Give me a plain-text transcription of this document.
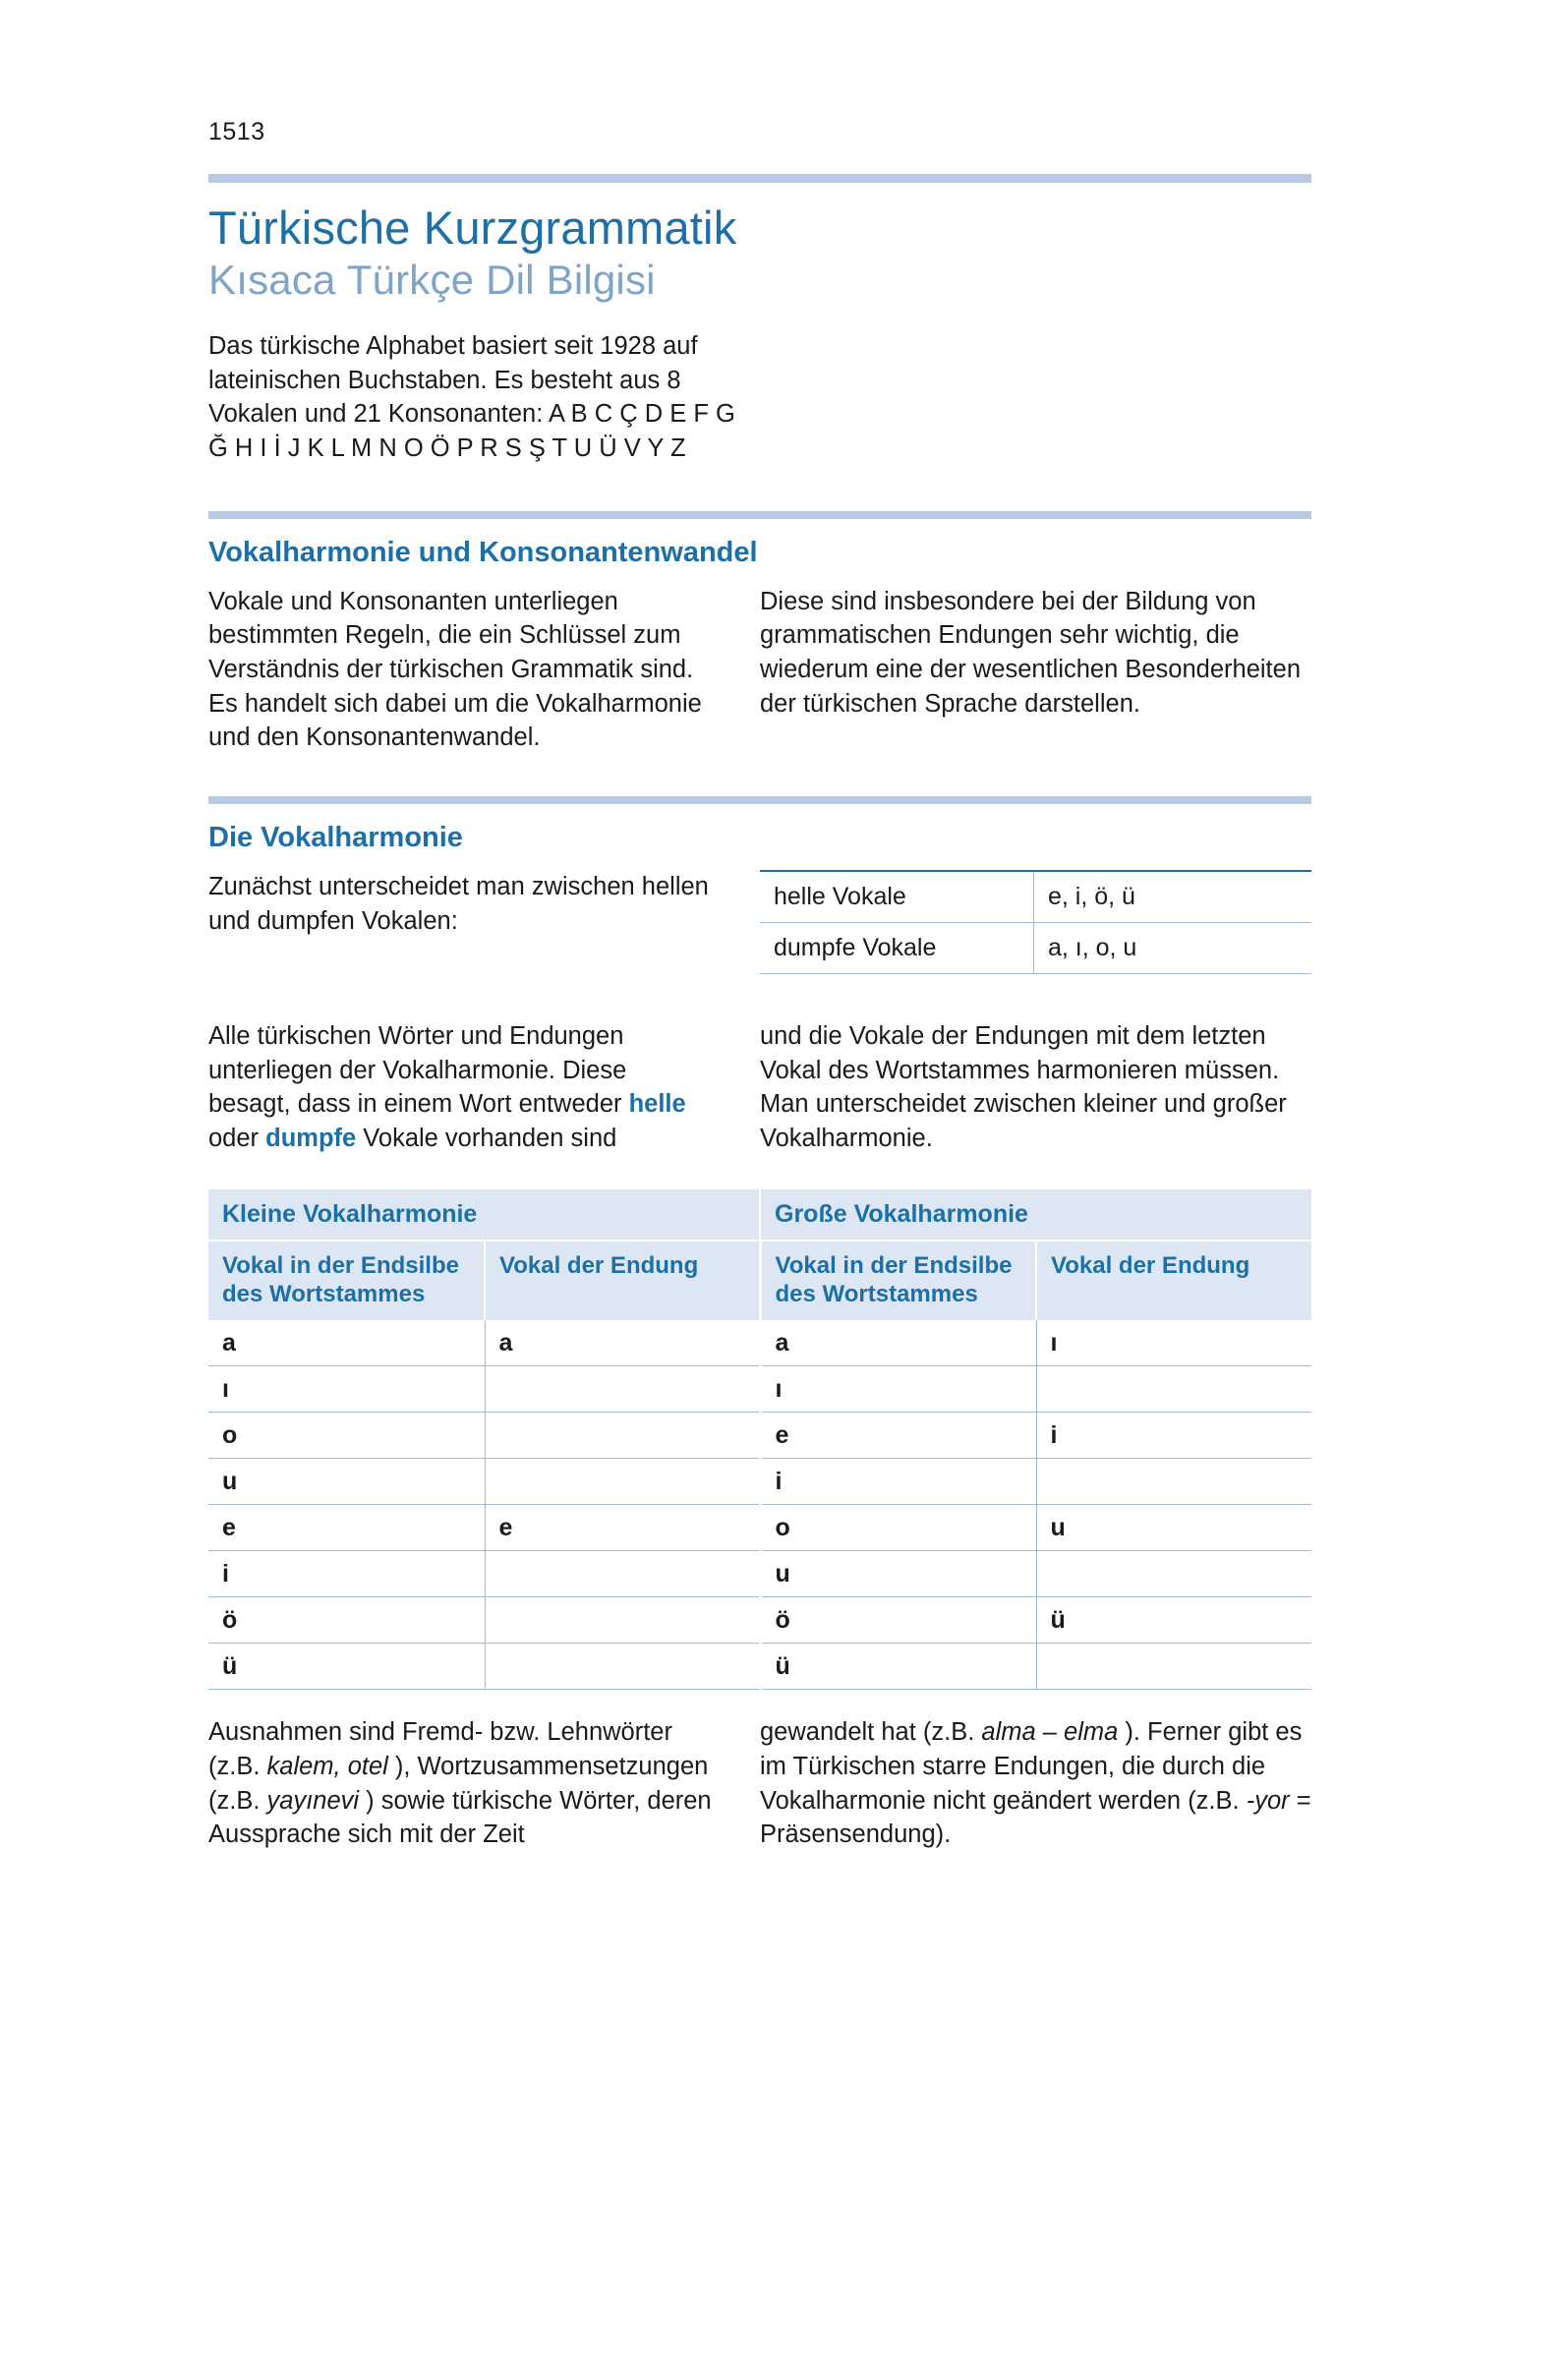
1513
Türkische Kurzgrammatik
Kısaca Türkçe Dil Bilgisi
Das türkische Alphabet basiert seit 1928 auf lateinischen Buchstaben. Es besteht aus 8 Vokalen und 21 Konsonanten: A B C Ç D E F G Ğ H I İ J K L M N O Ö P R S Ş T U Ü V Y Z
Vokalharmonie und Konsonantenwandel
Vokale und Konsonanten unterliegen bestimmten Regeln, die ein Schlüssel zum Verständnis der türkischen Grammatik sind. Es handelt sich dabei um die Vokalharmonie und den Konsonantenwandel.
Diese sind insbesondere bei der Bildung von grammatischen Endungen sehr wichtig, die wiederum eine der wesentlichen Besonderheiten der türkischen Sprache darstellen.
Die Vokalharmonie
Zunächst unterscheidet man zwischen hellen und dumpfen Vokalen:
helle Vokale	e, i, ö, ü
dumpfe Vokale	a, ı, o, u
Alle türkischen Wörter und Endungen unterliegen der Vokalharmonie. Diese besagt, dass in einem Wort entweder helle oder dumpfe Vokale vorhanden sind
und die Vokale der Endungen mit dem letzten Vokal des Wortstammes harmonieren müssen. Man unterscheidet zwischen kleiner und großer Vokalharmonie.
Kleine Vokalharmonie		Große Vokalharmonie	
Vokal in der Endsilbe des Wortstammes	Vokal der Endung	Vokal in der Endsilbe des Wortstammes	Vokal der Endung
a	a	a	ı
ı		ı	
o		e	i
u		i	
e	e	o	u
i		u	
ö		ö	ü
ü		ü	
Ausnahmen sind Fremd- bzw. Lehnwörter (z.B. kalem, otel ), Wortzusammensetzungen (z.B. yayınevi ) sowie türkische Wörter, deren Aussprache sich mit der Zeit
gewandelt hat (z.B. alma – elma ). Ferner gibt es im Türkischen starre Endungen, die durch die Vokalharmonie nicht geändert werden (z.B. -yor = Präsensendung).
